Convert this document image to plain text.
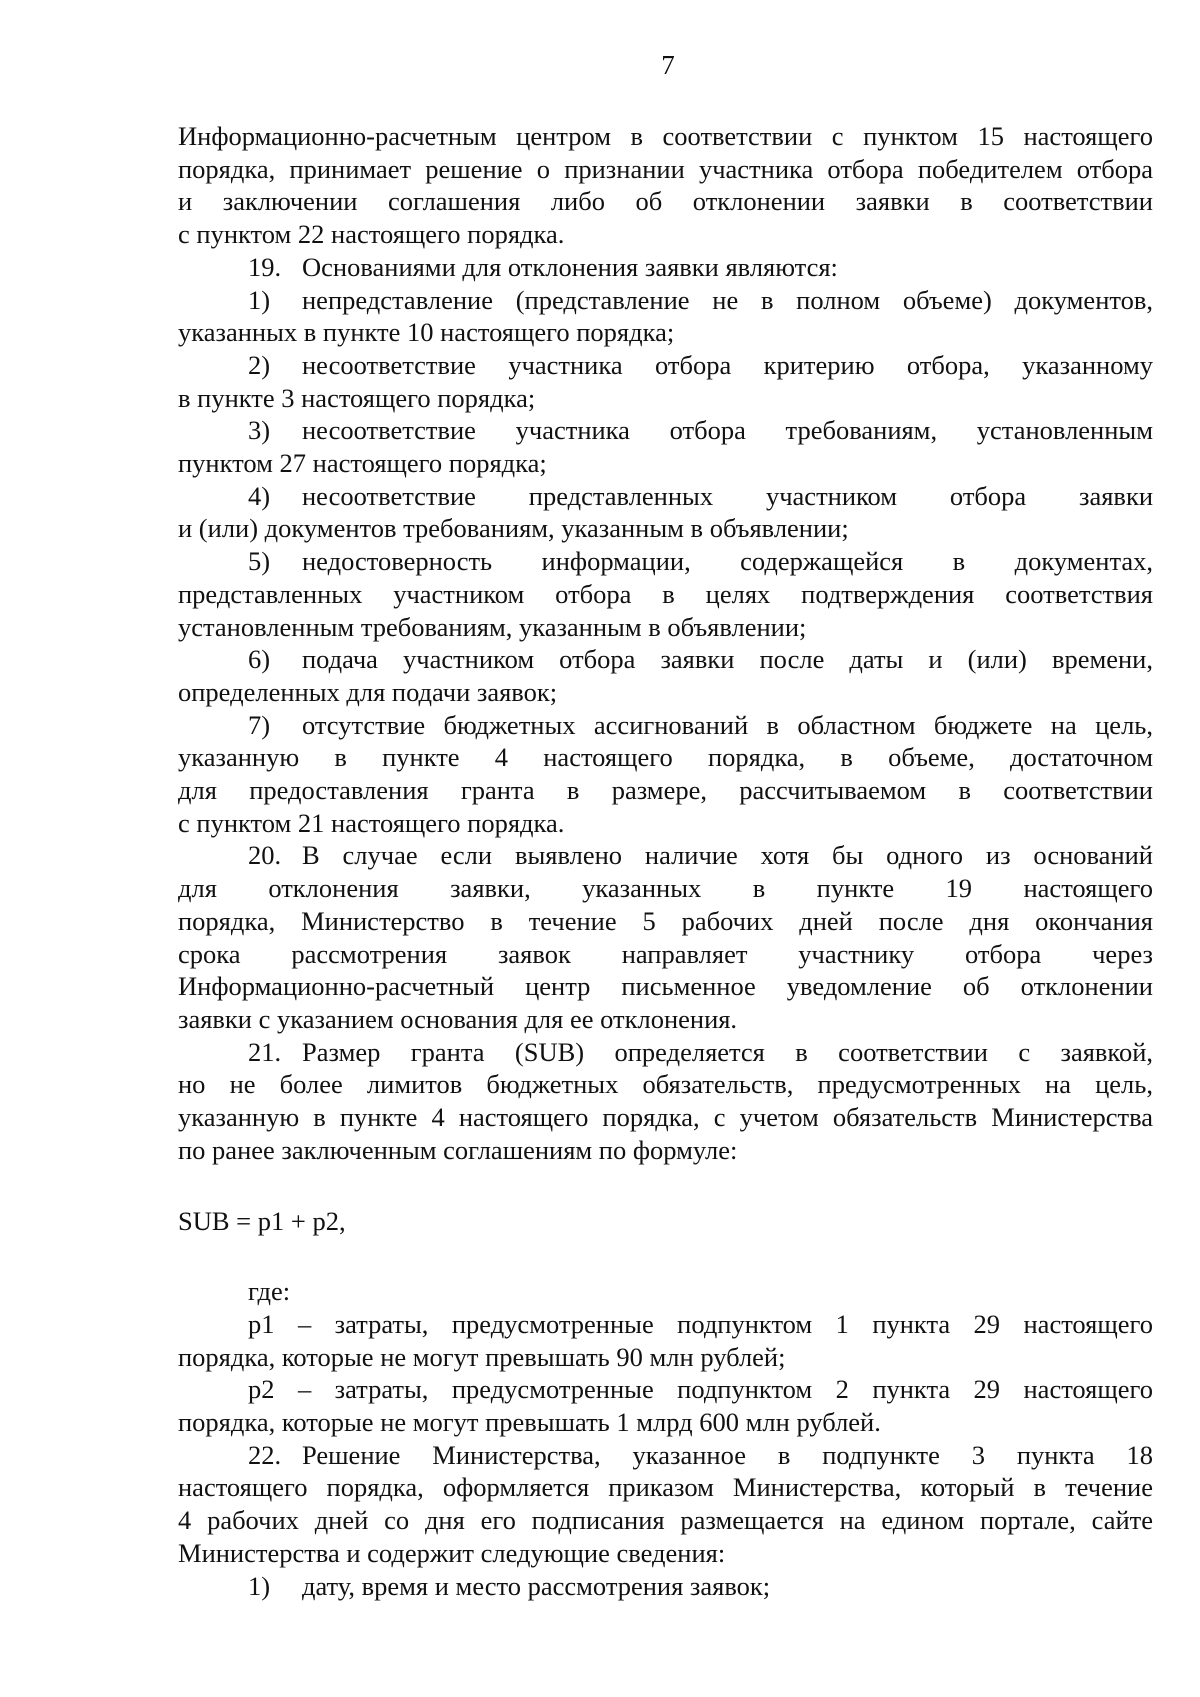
7

Информационно-расчетным центром в соответствии с пунктом 15 настоящего

порядка, принимает решение о признании участника отбора победителем отбора

и заключении соглашения либо об отклонении заявки в соответствии

с пунктом 22 настоящего порядка.

19. Основаниями для отклонения заявки являются:

1) непредставление (представление не в полном объеме) документов,

указанных в пункте 10 настоящего порядка;

2) несоответствие участника отбора критерию отбора, указанному

в пункте 3 настоящего порядка;

3) несоответствие участника отбора требованиям, установленным

пунктом 27 настоящего порядка;

4) несоответствие представленных участником отбора заявки

и (или) документов требованиям, указанным в объявлении;

5) недостоверность информации, содержащейся в документах,

представленных участником отбора в целях подтверждения соответствия

установленным требованиям, указанным в объявлении;

6) подача участником отбора заявки после даты и (или) времени,

определенных для подачи заявок;

7) отсутствие бюджетных ассигнований в областном бюджете на цель,

указанную в пункте 4 настоящего порядка, в объеме, достаточном

для предоставления гранта в размере, рассчитываемом в соответствии

с пунктом 21 настоящего порядка.

20. В случае если выявлено наличие хотя бы одного из оснований

для отклонения заявки, указанных в пункте 19 настоящего

порядка, Министерство в течение 5 рабочих дней после дня окончания

срока рассмотрения заявок направляет участнику отбора через

Информационно-расчетный центр письменное уведомление об отклонении

заявки с указанием основания для ее отклонения.

21. Размер гранта (SUB) определяется в соответствии с заявкой,

но не более лимитов бюджетных обязательств, предусмотренных на цель,

указанную в пункте 4 настоящего порядка, с учетом обязательств Министерства

по ранее заключенным соглашениям по формуле:

SUB = p1 + p2,

где:

p1 – затраты, предусмотренные подпунктом 1 пункта 29 настоящего

порядка, которые не могут превышать 90 млн рублей;

p2 – затраты, предусмотренные подпунктом 2 пункта 29 настоящего

порядка, которые не могут превышать 1 млрд 600 млн рублей.

22. Решение Министерства, указанное в подпункте 3 пункта 18

настоящего порядка, оформляется приказом Министерства, который в течение

4 рабочих дней со дня его подписания размещается на едином портале, сайте

Министерства и содержит следующие сведения:

1) дату, время и место рассмотрения заявок;
